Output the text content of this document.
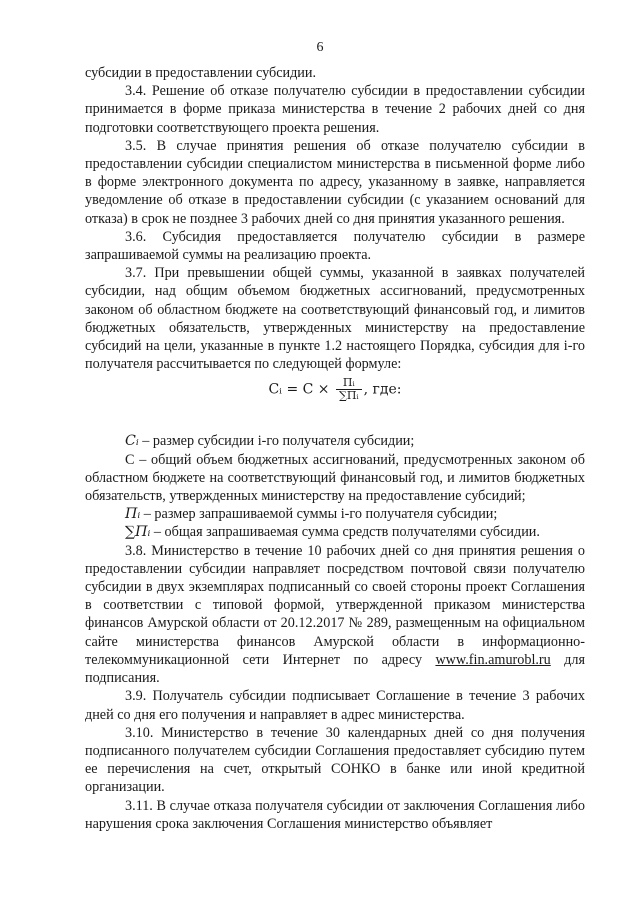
6

субсидии в предоставлении субсидии.

3.4. Решение об отказе получателю субсидии в предоставлении субсидии принимается в форме приказа министерства в течение 2 рабочих дней со дня подготовки соответствующего проекта решения.

3.5. В случае принятия решения об отказе получателю субсидии в предоставлении субсидии специалистом министерства в письменной форме либо в форме электронного документа по адресу, указанному в заявке, направляется уведомление об отказе в предоставлении субсидии (с указанием оснований для отказа) в срок не позднее 3 рабочих дней со дня принятия указанного решения.

3.6. Субсидия предоставляется получателю субсидии в размере запрашиваемой суммы на реализацию проекта.

3.7. При превышении общей суммы, указанной в заявках получателей субсидии, над общим объемом бюджетных ассигнований, предусмотренных законом об областном бюджете на соответствующий финансовый год, и лимитов бюджетных обязательств, утвержденных министерству на предоставление субсидий на цели, указанные в пункте 1.2 настоящего Порядка, субсидия для i-го получателя рассчитывается по следующей формуле:

Cᵢ = $C \times \frac{\text{Пᵢ}}{\text{∑Пᵢ}}$ , где:

Cᵢ – размер субсидии i-го получателя субсидии;

С – общий объем бюджетных ассигнований, предусмотренных законом об областном бюджете на соответствующий финансовый год, и лимитов бюджетных обязательств, утвержденных министерству на предоставление субсидий;

Пᵢ – размер запрашиваемой суммы i-го получателя субсидии;

∑Пᵢ – общая запрашиваемая сумма средств получателями субсидии.

3.8. Министерство в течение 10 рабочих дней со дня принятия решения о предоставлении субсидии направляет посредством почтовой связи получателю субсидии в двух экземплярах подписанный со своей стороны проект Соглашения в соответствии с типовой формой, утвержденной приказом министерства финансов Амурской области от 20.12.2017 № 289, размещенным на официальном сайте министерства финансов Амурской области в информационно-телекоммуникационной сети Интернет по адресу www.fin.amurobl.ru для подписания.

3.9. Получатель субсидии подписывает Соглашение в течение 3 рабочих дней со дня его получения и направляет в адрес министерства.

3.10. Министерство в течение 30 календарных дней со дня получения подписанного получателем субсидии Соглашения предоставляет субсидию путем ее перечисления на счет, открытый СОНКО в банке или иной кредитной организации.

3.11. В случае отказа получателя субсидии от заключения Соглашения либо нарушения срока заключения Соглашения министерство объявляет
